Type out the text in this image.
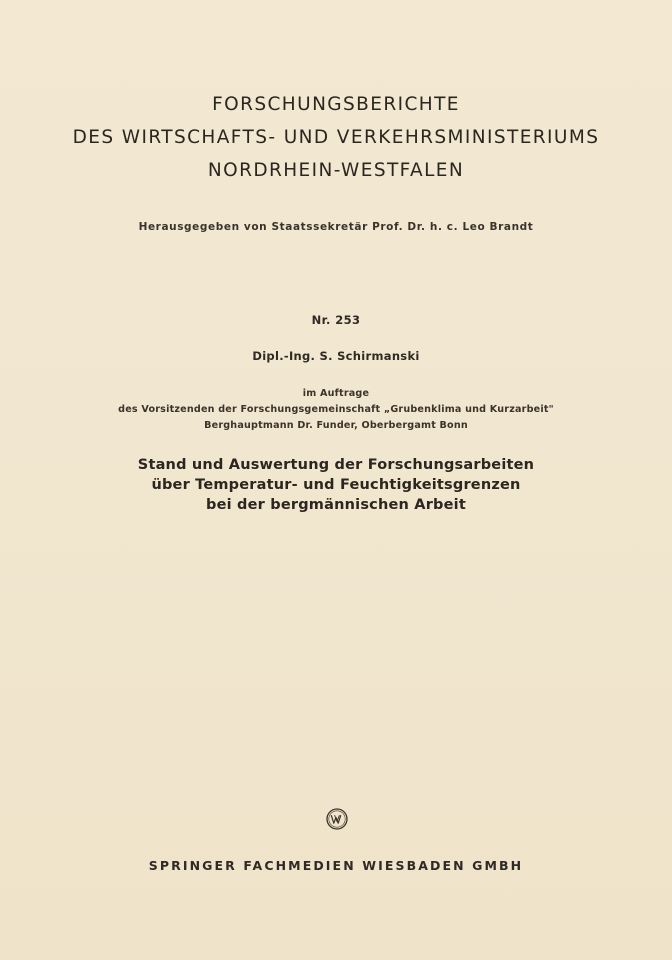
FORSCHUNGSBERICHTE
DES WIRTSCHAFTS- UND VERKEHRSMINISTERIUMS
NORDRHEIN-WESTFALEN
Herausgegeben von Staatssekretär Prof. Dr. h. c. Leo Brandt
Nr. 253
Dipl.-Ing. S. Schirmanski
im Auftrage
des Vorsitzenden der Forschungsgemeinschaft „Grubenklima und Kurzarbeit"
Berghauptmann Dr. Funder, Oberbergamt Bonn
Stand und Auswertung der Forschungsarbeiten
über Temperatur- und Feuchtigkeitsgrenzen
bei der bergmännischen Arbeit
SPRINGER FACHMEDIEN WIESBADEN GMBH
